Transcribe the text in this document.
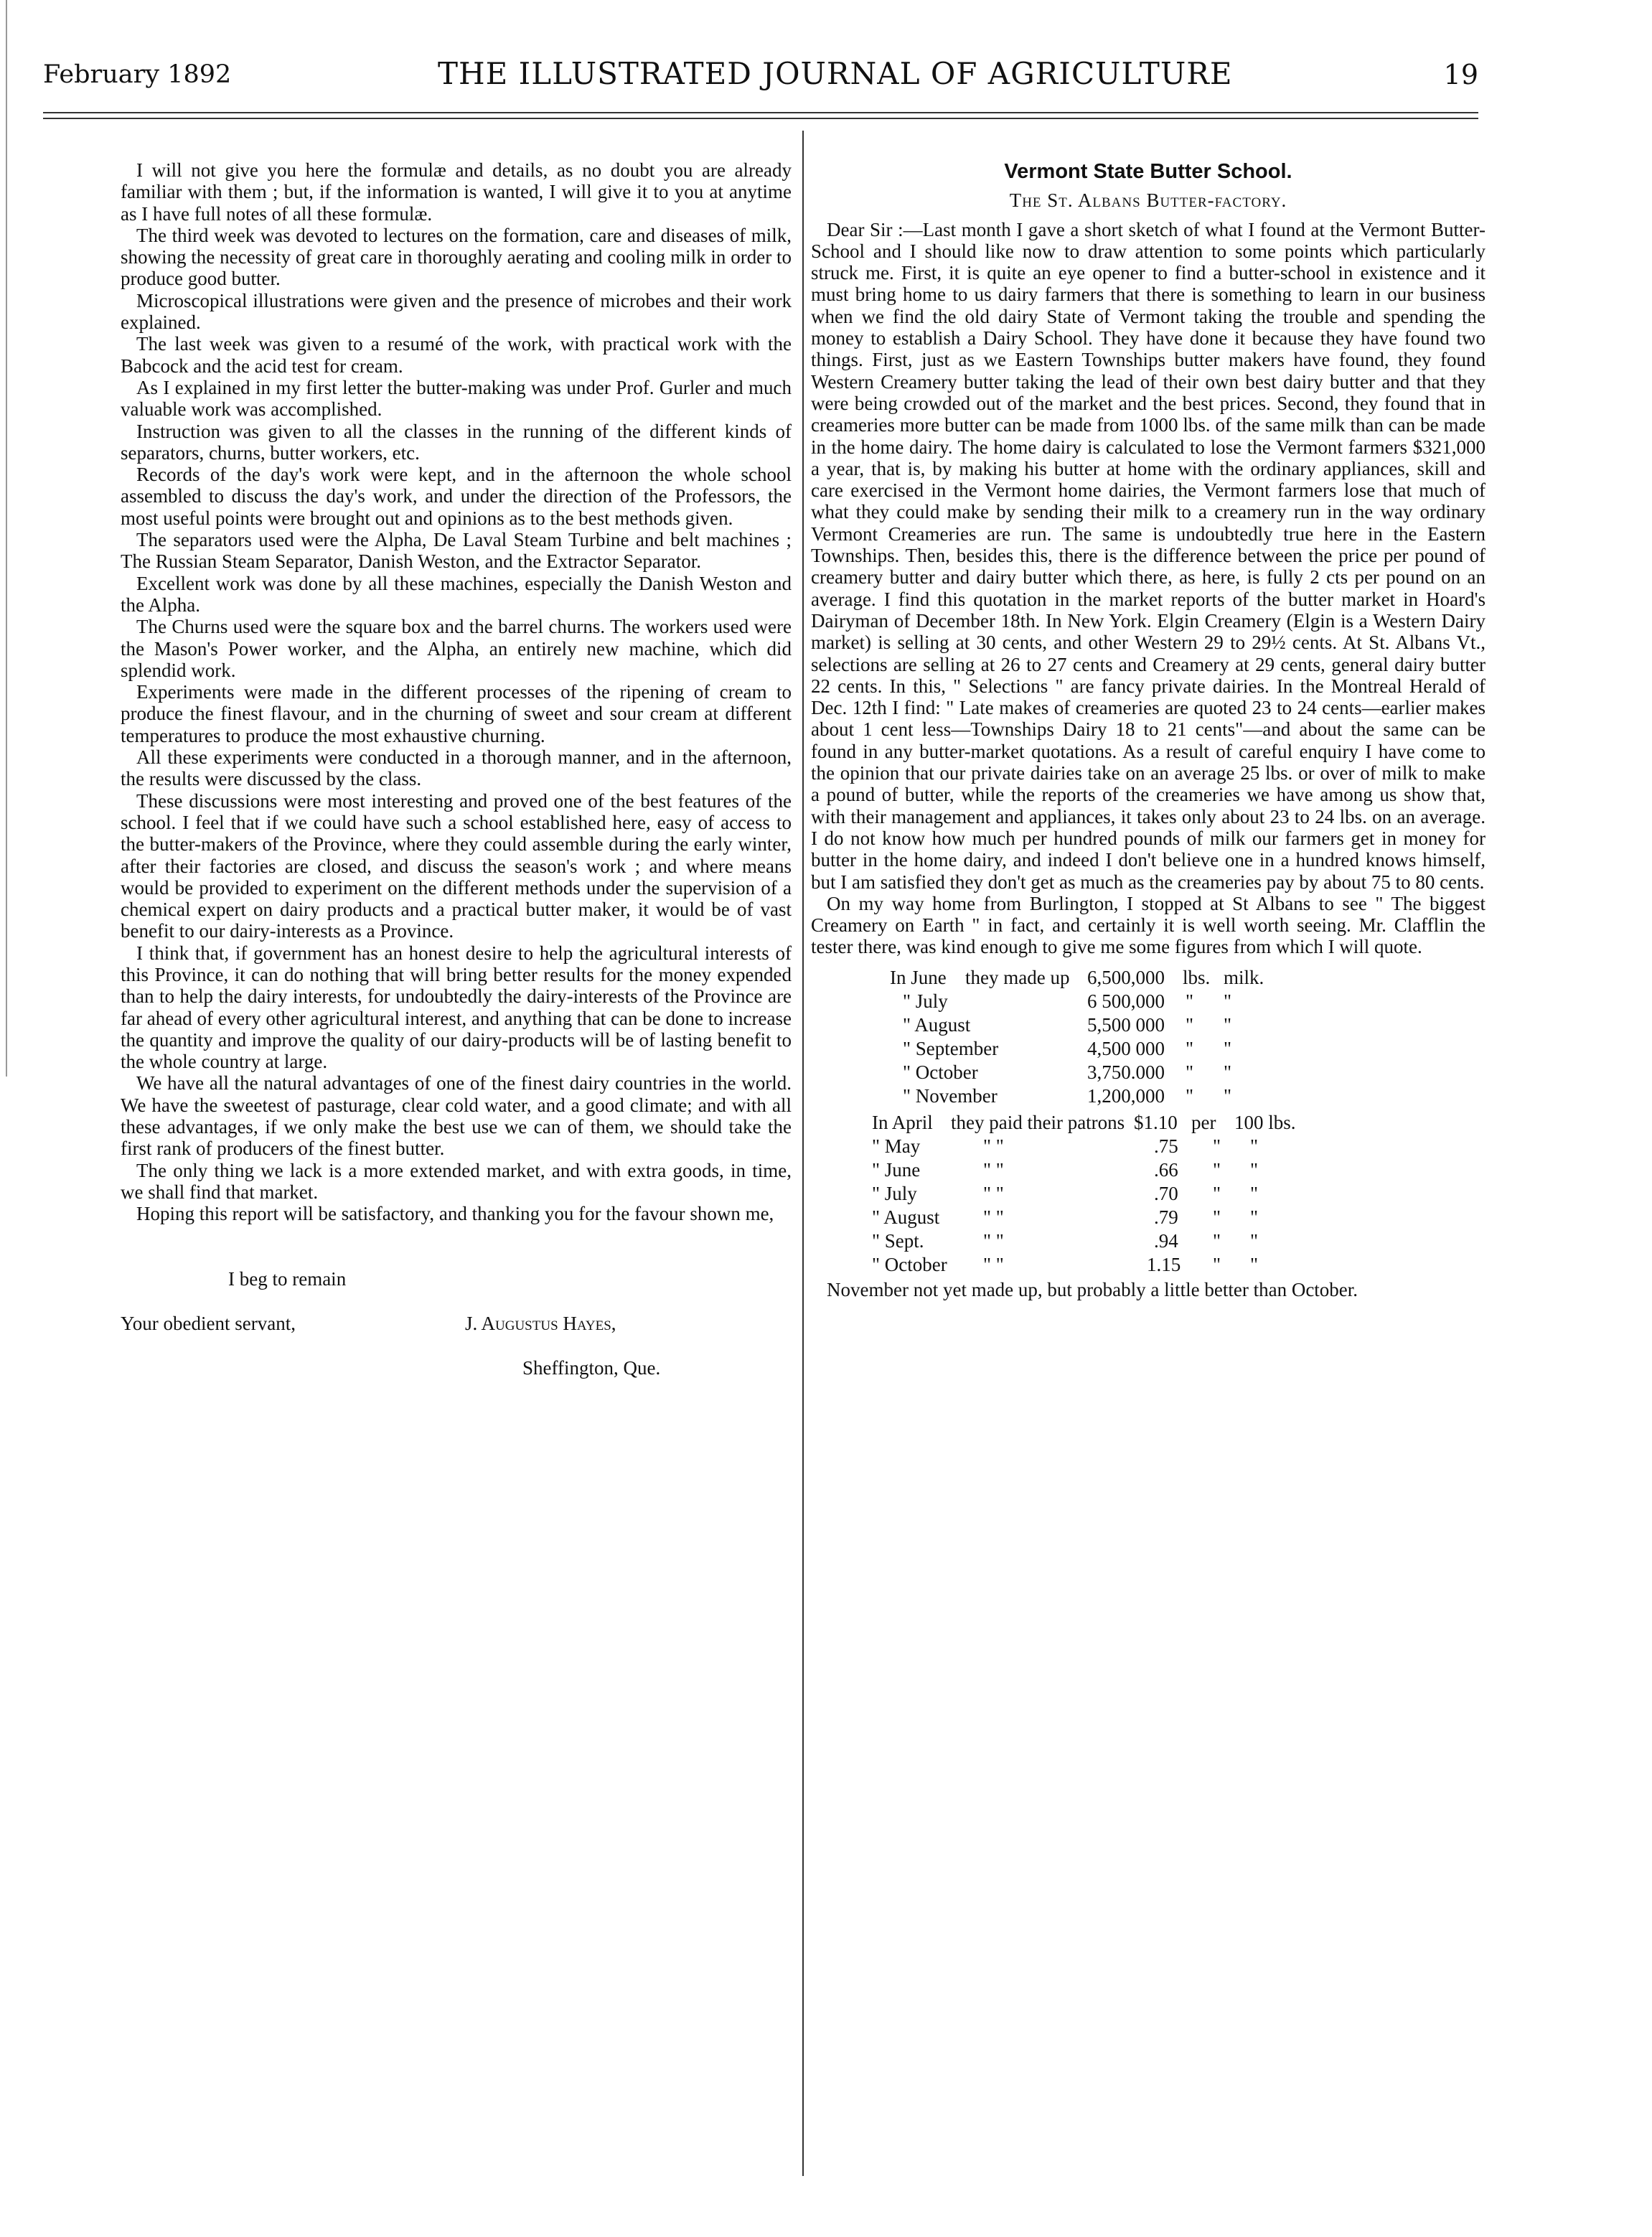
February 1892	THE ILLUSTRATED JOURNAL OF AGRICULTURE	19

I will not give you here the formulæ and details, as no doubt you are already familiar with them ; but, if the information is wanted, I will give it to you at anytime as I have full notes of all these formulæ.

The third week was devoted to lectures on the formation, care and diseases of milk, showing the necessity of great care in thoroughly aerating and cooling milk in order to produce good butter.

Microscopical illustrations were given and the presence of microbes and their work explained.

The last week was given to a resumé of the work, with practical work with the Babcock and the acid test for cream.

As I explained in my first letter the butter-making was under Prof. Gurler and much valuable work was accomplished.

Instruction was given to all the classes in the running of the different kinds of separators, churns, butter workers, etc.

Records of the day's work were kept, and in the afternoon the whole school assembled to discuss the day's work, and under the direction of the Professors, the most useful points were brought out and opinions as to the best methods given.

The separators used were the Alpha, De Laval Steam Turbine and belt machines ; The Russian Steam Separator, Danish Weston, and the Extractor Separator.

Excellent work was done by all these machines, especially the Danish Weston and the Alpha.

The Churns used were the square box and the barrel churns. The workers used were the Mason's Power worker, and the Alpha, an entirely new machine, which did splendid work.

Experiments were made in the different processes of the ripening of cream to produce the finest flavour, and in the churning of sweet and sour cream at different temperatures to produce the most exhaustive churning.

All these experiments were conducted in a thorough manner, and in the afternoon, the results were discussed by the class.

These discussions were most interesting and proved one of the best features of the school. I feel that if we could have such a school established here, easy of access to the butter-makers of the Province, where they could assemble during the early winter, after their factories are closed, and discuss the season's work ; and where means would be provided to experiment on the different methods under the supervision of a chemical expert on dairy products and a practical butter maker, it would be of vast benefit to our dairy-interests as a Province.

I think that, if government has an honest desire to help the agricultural interests of this Province, it can do nothing that will bring better results for the money expended than to help the dairy interests, for undoubtedly the dairy-interests of the Province are far ahead of every other agricultural interest, and anything that can be done to increase the quantity and improve the quality of our dairy-products will be of lasting benefit to the whole country at large.

We have all the natural advantages of one of the finest dairy countries in the world. We have the sweetest of pasturage, clear cold water, and a good climate; and with all these advantages, if we only make the best use we can of them, we should take the first rank of producers of the finest butter.

The only thing we lack is a more extended market, and with extra goods, in time, we shall find that market.

Hoping this report will be satisfactory, and thanking you for the favour shown me,

I beg to remain
Your obedient servant,	J. Augustus Hayes,
Sheffington, Que.
Vermont State Butter School.
The St. Albans Butter-factory.

Dear Sir :—Last month I gave a short sketch of what I found at the Vermont Butter-School and I should like now to draw attention to some points which particularly struck me. First, it is quite an eye opener to find a butter-school in existence and it must bring home to us dairy farmers that there is something to learn in our business when we find the old dairy State of Vermont taking the trouble and spending the money to establish a Dairy School. They have done it because they have found two things. First, just as we Eastern Townships butter makers have found, they found Western Creamery butter taking the lead of their own best dairy butter and that they were being crowded out of the market and the best prices. Second, they found that in creameries more butter can be made from 1000 lbs. of the same milk than can be made in the home dairy. The home dairy is calculated to lose the Vermont farmers $321,000 a year, that is, by making his butter at home with the ordinary appliances, skill and care exercised in the Vermont home dairies, the Vermont farmers lose that much of what they could make by sending their milk to a creamery run in the way ordinary Vermont Creameries are run. The same is undoubtedly true here in the Eastern Townships. Then, besides this, there is the difference between the price per pound of creamery butter and dairy butter which there, as here, is fully 2 cts per pound on an average. I find this quotation in the market reports of the butter market in Hoard's Dairyman of December 18th. In New York. Elgin Creamery (Elgin is a Western Dairy market) is selling at 30 cents, and other Western 29 to 29½ cents. At St. Albans Vt., selections are selling at 26 to 27 cents and Creamery at 29 cents, general dairy butter 22 cents. In this, " Selections " are fancy private dairies. In the Montreal Herald of Dec. 12th I find: " Late makes of creameries are quoted 23 to 24 cents—earlier makes about 1 cent less—Townships Dairy 18 to 21 cents"—and about the same can be found in any butter-market quotations. As a result of careful enquiry I have come to the opinion that our private dairies take on an average 25 lbs. or over of milk to make a pound of butter, while the reports of the creameries we have among us show that, with their management and appliances, it takes only about 23 to 24 lbs. on an average. I do not know how much per hundred pounds of milk our farmers get in money for butter in the home dairy, and indeed I don't believe one in a hundred knows himself, but I am satisfied they don't get as much as the creameries pay by about 75 to 80 cents.

On my way home from Burlington, I stopped at St Albans to see " The biggest Creamery on Earth " in fact, and certainly it is well worth seeing. Mr. Clafflin the tester there, was kind enough to give me some figures from which I will quote.

In June they made up 6,500,000 lbs. milk.
" July	6 500,000 " "
" August	5,500 000 " "
" September	4,500 000 " "
" October	3,750.000 " "
" November	1,200,000 " "
In April they paid their patrons $1.10 per 100 lbs.
" May	" "	.75 " "
" June	" "	.66 " "
" July	" "	.70 " "
" August " "	.79 " "
" Sept.	" "	.94 " "
" October " "	1.15 " "

November not yet made up, but probably a little better than October.
